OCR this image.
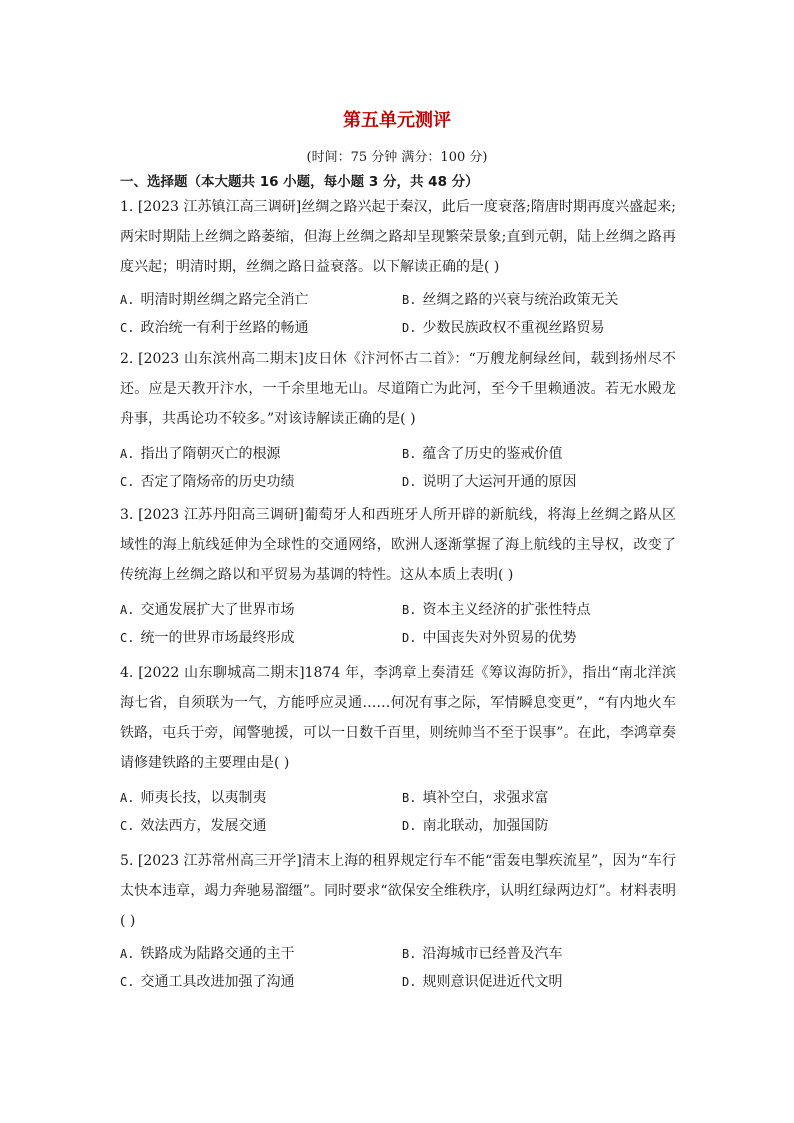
第五单元测评
(时间：75 分钟 满分：100 分)
一、选择题（本大题共 16 小题，每小题 3 分，共 48 分）

1. [2023 江苏镇江高三调研]丝绸之路兴起于秦汉，此后一度衰落;隋唐时期再度兴盛起来;两宋时期陆上丝绸之路萎缩，但海上丝绸之路却呈现繁荣景象;直到元朝，陆上丝绸之路再度兴起；明清时期，丝绸之路日益衰落。以下解读正确的是( )

A. 明清时期丝绸之路完全消亡	B. 丝绸之路的兴衰与统治政策无关
C. 政治统一有利于丝路的畅通	D. 少数民族政权不重视丝路贸易

2. [2023 山东滨州高二期末]皮日休《汴河怀古二首》：“万艘龙舸绿丝间，载到扬州尽不还。应是天教开汴水，一千余里地无山。尽道隋亡为此河，至今千里赖通波。若无水殿龙舟事，共禹论功不较多。”对该诗解读正确的是( )

A. 指出了隋朝灭亡的根源	B. 蕴含了历史的鉴戒价值
C. 否定了隋炀帝的历史功绩	D. 说明了大运河开通的原因

3. [2023 江苏丹阳高三调研]葡萄牙人和西班牙人所开辟的新航线，将海上丝绸之路从区域性的海上航线延伸为全球性的交通网络，欧洲人逐渐掌握了海上航线的主导权，改变了传统海上丝绸之路以和平贸易为基调的特性。这从本质上表明( )

A. 交通发展扩大了世界市场	B. 资本主义经济的扩张性特点
C. 统一的世界市场最终形成	D. 中国丧失对外贸易的优势

4. [2022 山东聊城高二期末]1874 年，李鸿章上奏清廷《筹议海防折》，指出“南北洋滨海七省，自须联为一气，方能呼应灵通……何况有事之际，军情瞬息变更”，“有内地火车铁路，屯兵于旁，闻警驰援，可以一日数千百里，则统帅当不至于误事”。在此，李鸿章奏请修建铁路的主要理由是( )

A. 师夷长技，以夷制夷	B. 填补空白，求强求富
C. 效法西方，发展交通	D. 南北联动，加强国防

5. [2023 江苏常州高三开学]清末上海的租界规定行车不能“雷轰电掣疾流星”，因为“车行太快本违章，竭力奔驰易溜缰”。同时要求“欲保安全维秩序，认明红绿两边灯”。材料表明( )

A. 铁路成为陆路交通的主干	B. 沿海城市已经普及汽车
C. 交通工具改进加强了沟通	D. 规则意识促进近代文明
